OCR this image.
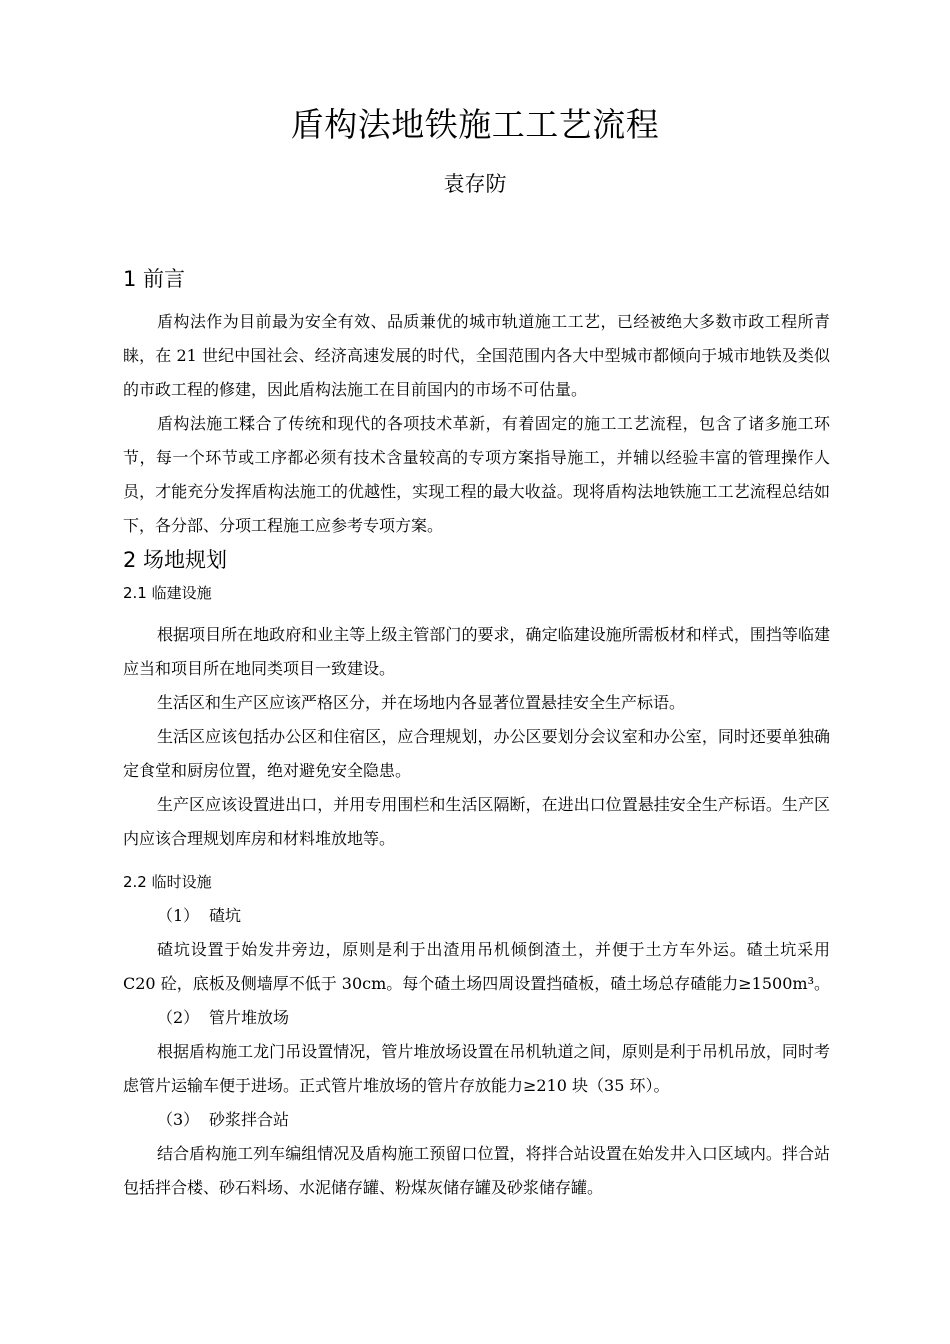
盾构法地铁施工工艺流程
袁存防
1 前言

盾构法作为目前最为安全有效、品质兼优的城市轨道施工工艺，已经被绝大多数市政工程所青睐，在 21 世纪中国社会、经济高速发展的时代，全国范围内各大中型城市都倾向于城市地铁及类似的市政工程的修建，因此盾构法施工在目前国内的市场不可估量。

盾构法施工糅合了传统和现代的各项技术革新，有着固定的施工工艺流程，包含了诸多施工环节，每一个环节或工序都必须有技术含量较高的专项方案指导施工，并辅以经验丰富的管理操作人员，才能充分发挥盾构法施工的优越性，实现工程的最大收益。现将盾构法地铁施工工艺流程总结如下，各分部、分项工程施工应参考专项方案。

2 场地规划
2.1 临建设施

根据项目所在地政府和业主等上级主管部门的要求，确定临建设施所需板材和样式，围挡等临建应当和项目所在地同类项目一致建设。

生活区和生产区应该严格区分，并在场地内各显著位置悬挂安全生产标语。

生活区应该包括办公区和住宿区，应合理规划，办公区要划分会议室和办公室，同时还要单独确定食堂和厨房位置，绝对避免安全隐患。

生产区应该设置进出口，并用专用围栏和生活区隔断，在进出口位置悬挂安全生产标语。生产区内应该合理规划库房和材料堆放地等。

2.2 临时设施
（1） 碴坑

碴坑设置于始发井旁边，原则是利于出渣用吊机倾倒渣土，并便于土方车外运。碴土坑采用 C20 砼，底板及侧墙厚不低于 30cm。每个碴土场四周设置挡碴板，碴土场总存碴能力≥1500m³。

（2） 管片堆放场

根据盾构施工龙门吊设置情况，管片堆放场设置在吊机轨道之间，原则是利于吊机吊放，同时考虑管片运输车便于进场。正式管片堆放场的管片存放能力≥210 块（35 环）。

（3） 砂浆拌合站

结合盾构施工列车编组情况及盾构施工预留口位置，将拌合站设置在始发井入口区域内。拌合站包括拌合楼、砂石料场、水泥储存罐、粉煤灰储存罐及砂浆储存罐。
